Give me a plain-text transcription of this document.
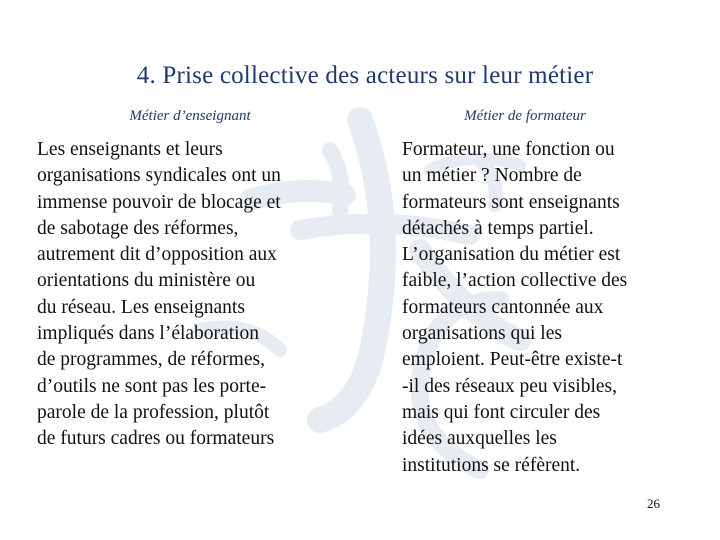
4. Prise collective des acteurs sur leur métier
Métier d’enseignant	Métier de formateur
Les enseignants et leurs
organisations syndicales ont un
immense pouvoir de blocage et
de sabotage des réformes,
autrement dit d’opposition aux
orientations du ministère ou
du réseau. Les enseignants
impliqués dans l’élaboration
de programmes, de réformes,
d’outils ne sont pas les porte-
parole de la profession, plutôt
de futurs cadres ou formateurs
Formateur, une fonction ou
un métier ? Nombre de
formateurs sont enseignants
détachés à temps partiel.
L’organisation du métier est
faible, l’action collective des
formateurs cantonnée aux
organisations qui les
emploient. Peut-être existe-t
-il des réseaux peu visibles,
mais qui font circuler des
idées auxquelles les
institutions se réfèrent.
26
